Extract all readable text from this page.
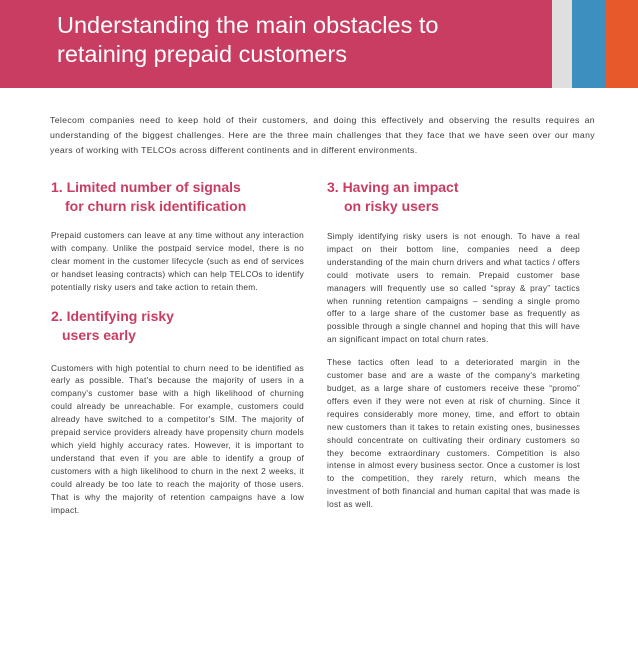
Understanding the main obstacles to
retaining prepaid customers

Telecom companies need to keep hold of their customers, and doing this effectively and observing the results requires an understanding of the biggest challenges. Here are the three main challenges that they face that we have seen over our many years of working with TELCOs across different continents and in different environments.

1. Limited number of signals
for churn risk identification

Prepaid customers can leave at any time without any interaction with company. Unlike the postpaid service model, there is no clear moment in the customer lifecycle (such as end of services or handset leasing contracts) which can help TELCOs to identify potentially risky users and take action to retain them.

2. Identifying risky
users early

Customers with high potential to churn need to be identified as early as possible. That's because the majority of users in a company's customer base with a high likelihood of churning could already be unreachable. For example, customers could already have switched to a competitor's SIM. The majority of prepaid service providers already have propensity churn models which yield highly accuracy rates. However, it is important to understand that even if you are able to identify a group of customers with a high likelihood to churn in the next 2 weeks, it could already be too late to reach the majority of those users. That is why the majority of retention campaigns have a low impact.

3. Having an impact
on risky users

Simply identifying risky users is not enough. To have a real impact on their bottom line, companies need a deep understanding of the main churn drivers and what tactics / offers could motivate users to remain. Prepaid customer base managers will frequently use so called “spray & pray” tactics when running retention campaigns – sending a single promo offer to a large share of the customer base as frequently as possible through a single channel and hoping that this will have an significant impact on total churn rates.

These tactics often lead to a deteriorated margin in the customer base and are a waste of the company's marketing budget, as a large share of customers receive these “promo” offers even if they were not even at risk of churning. Since it requires considerably more money, time, and effort to obtain new customers than it takes to retain existing ones, businesses should concentrate on cultivating their ordinary customers so they become extraordinary customers. Competition is also intense in almost every business sector. Once a customer is lost to the competition, they rarely return, which means the investment of both financial and human capital that was made is lost as well.
